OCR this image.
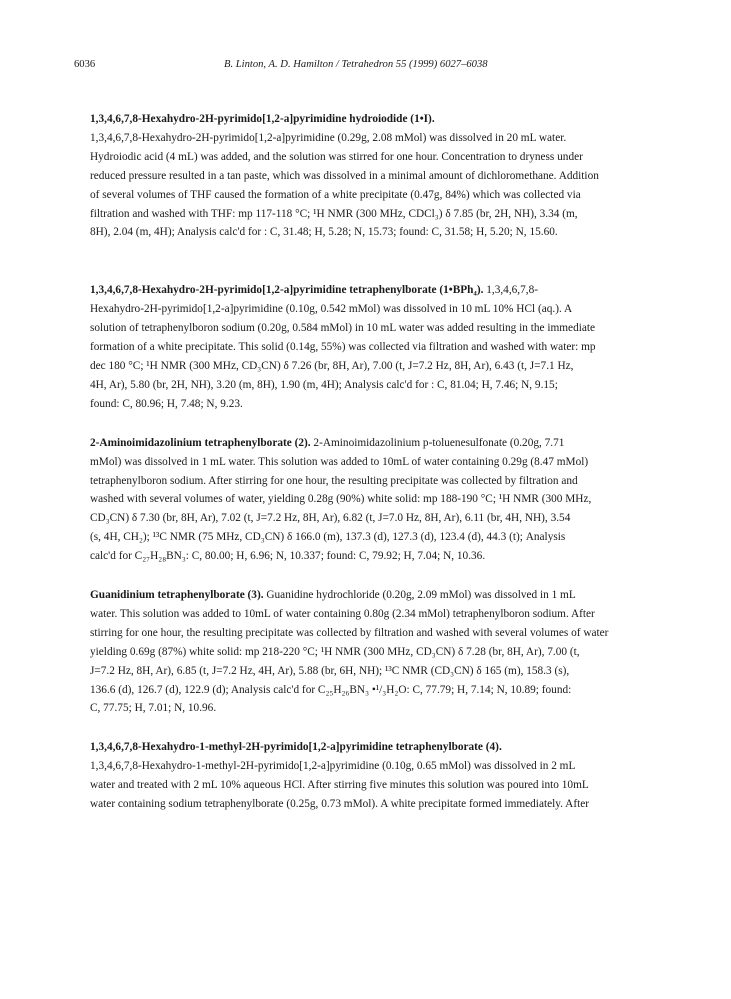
6036	B. Linton, A. D. Hamilton / Tetrahedron 55 (1999) 6027–6038

1,3,4,6,7,8-Hexahydro-2H-pyrimido[1,2-a]pyrimidine hydroiodide (1•I).

1,3,4,6,7,8-Hexahydro-2H-pyrimido[1,2-a]pyrimidine (0.29g, 2.08 mMol) was dissolved in 20 mL water.

Hydroiodic acid (4 mL) was added, and the solution was stirred for one hour. Concentration to dryness under

reduced pressure resulted in a tan paste, which was dissolved in a minimal amount of dichloromethane. Addition

of several volumes of THF caused the formation of a white precipitate (0.47g, 84%) which was collected via

filtration and washed with THF: mp 117-118 °C; ¹H NMR (300 MHz, CDCl₃) δ 7.85 (br, 2H, NH), 3.34 (m,

8H), 2.04 (m, 4H); Analysis calc'd for : C, 31.48; H, 5.28; N, 15.73; found: C, 31.58; H, 5.20; N, 15.60.

1,3,4,6,7,8-Hexahydro-2H-pyrimido[1,2-a]pyrimidine tetraphenylborate (1•BPh₄). 1,3,4,6,7,8-

Hexahydro-2H-pyrimido[1,2-a]pyrimidine (0.10g, 0.542 mMol) was dissolved in 10 mL 10% HCl (aq.). A

solution of tetraphenylboron sodium (0.20g, 0.584 mMol) in 10 mL water was added resulting in the immediate

formation of a white precipitate. This solid (0.14g, 55%) was collected via filtration and washed with water: mp

dec 180 °C; ¹H NMR (300 MHz, CD₃CN) δ 7.26 (br, 8H, Ar), 7.00 (t, J=7.2 Hz, 8H, Ar), 6.43 (t, J=7.1 Hz,

4H, Ar), 5.80 (br, 2H, NH), 3.20 (m, 8H), 1.90 (m, 4H); Analysis calc'd for : C, 81.04; H, 7.46; N, 9.15;

found: C, 80.96; H, 7.48; N, 9.23.

2-Aminoimidazolinium tetraphenylborate (2). 2-Aminoimidazolinium p-toluenesulfonate (0.20g, 7.71

mMol) was dissolved in 1 mL water. This solution was added to 10mL of water containing 0.29g (8.47 mMol)

tetraphenylboron sodium. After stirring for one hour, the resulting precipitate was collected by filtration and

washed with several volumes of water, yielding 0.28g (90%) white solid: mp 188-190 °C; ¹H NMR (300 MHz,

CD₃CN) δ 7.30 (br, 8H, Ar), 7.02 (t, J=7.2 Hz, 8H, Ar), 6.82 (t, J=7.0 Hz, 8H, Ar), 6.11 (br, 4H, NH), 3.54

(s, 4H, CH₂); ¹³C NMR (75 MHz, CD₃CN) δ 166.0 (m), 137.3 (d), 127.3 (d), 123.4 (d), 44.3 (t); Analysis

calc'd for C₂₇H₂₈BN₃: C, 80.00; H, 6.96; N, 10.337; found: C, 79.92; H, 7.04; N, 10.36.

Guanidinium tetraphenylborate (3). Guanidine hydrochloride (0.20g, 2.09 mMol) was dissolved in 1 mL

water. This solution was added to 10mL of water containing 0.80g (2.34 mMol) tetraphenylboron sodium. After

stirring for one hour, the resulting precipitate was collected by filtration and washed with several volumes of water

yielding 0.69g (87%) white solid: mp 218-220 °C; ¹H NMR (300 MHz, CD₃CN) δ 7.28 (br, 8H, Ar), 7.00 (t,

J=7.2 Hz, 8H, Ar), 6.85 (t, J=7.2 Hz, 4H, Ar), 5.88 (br, 6H, NH); ¹³C NMR (CD₃CN) δ 165 (m), 158.3 (s),

136.6 (d), 126.7 (d), 122.9 (d); Analysis calc'd for C₂₅H₂₆BN₃ •¹/₃H₂O: C, 77.79; H, 7.14; N, 10.89; found:

C, 77.75; H, 7.01; N, 10.96.

1,3,4,6,7,8-Hexahydro-1-methyl-2H-pyrimido[1,2-a]pyrimidine tetraphenylborate (4).

1,3,4,6,7,8-Hexahydro-1-methyl-2H-pyrimido[1,2-a]pyrimidine (0.10g, 0.65 mMol) was dissolved in 2 mL

water and treated with 2 mL 10% aqueous HCl. After stirring five minutes this solution was poured into 10mL

water containing sodium tetraphenylborate (0.25g, 0.73 mMol). A white precipitate formed immediately. After
